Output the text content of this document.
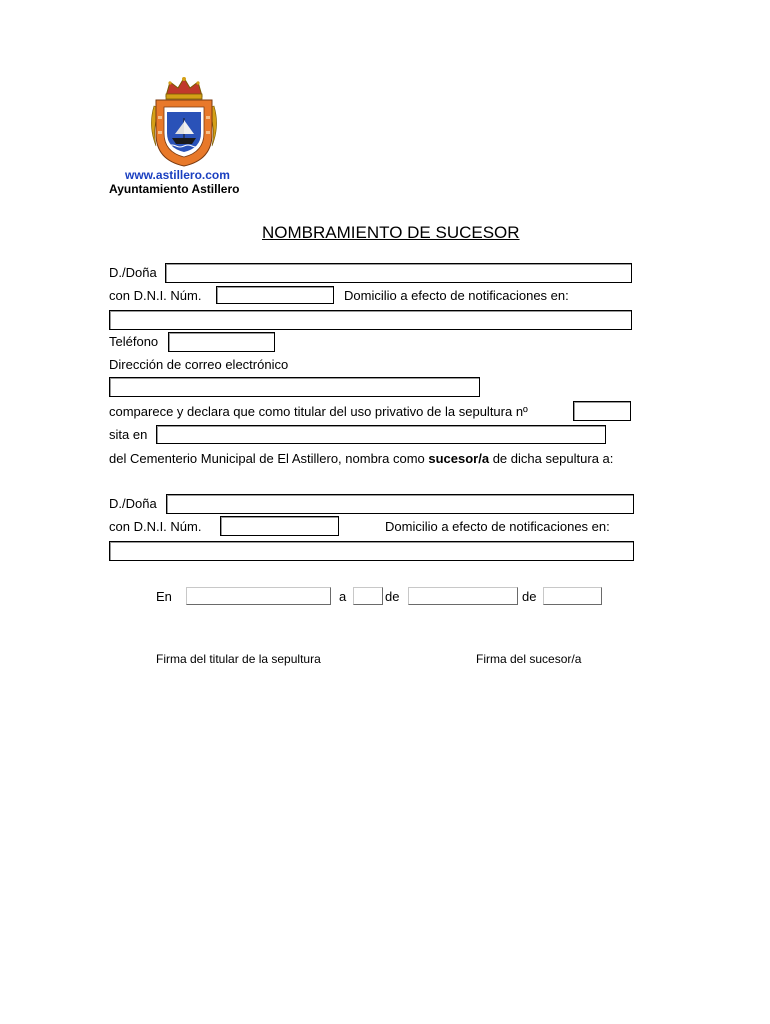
www.astillero.com
Ayuntamiento Astillero
NOMBRAMIENTO DE SUCESOR
D./Doña
con D.N.I. Núm.	Domicilio a efecto de notificaciones en:
Teléfono
Dirección de correo electrónico
comparece y declara que como titular del uso privativo de la sepultura nº
sita en
del Cementerio Municipal de El Astillero, nombra como sucesor/a de dicha sepultura a:
D./Doña
con D.N.I. Núm.	Domicilio a efecto de notificaciones en:
En	a	de	de
Firma del titular de la sepultura	Firma del sucesor/a
